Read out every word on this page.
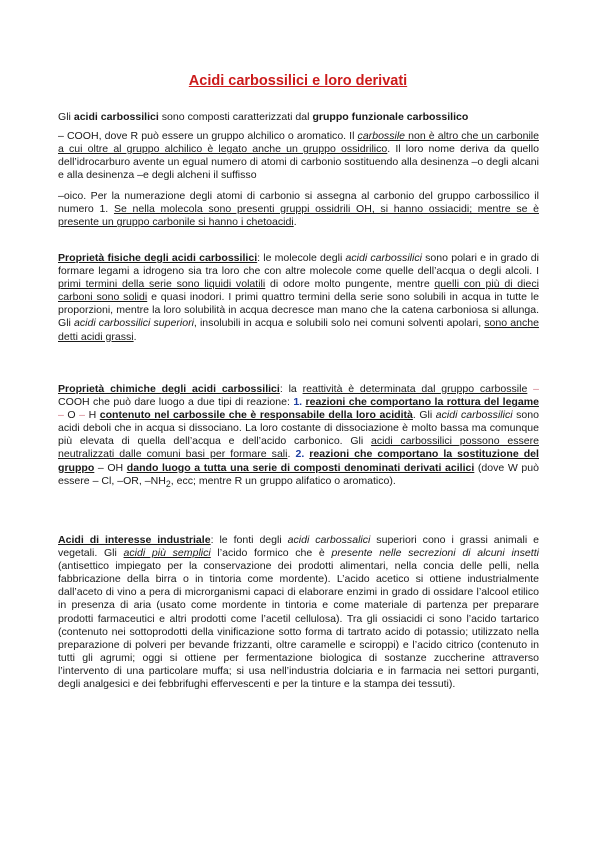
Acidi carbossilici e loro derivati

Gli acidi carbossilici sono composti caratterizzati dal gruppo funzionale carbossilico

– COOH, dove R può essere un gruppo alchilico o aromatico. Il carbossile non è altro che un carbonile a cui oltre al gruppo alchilico è legato anche un gruppo ossidrilico. Il loro nome deriva da quello dell’idrocarburo avente un egual numero di atomi di carbonio sostituendo alla desinenza –o degli alcani e alla desinenza –e degli alcheni il suffisso

–oico. Per la numerazione degli atomi di carbonio si assegna al carbonio del gruppo carbossilico il numero 1. Se nella molecola sono presenti gruppi ossidrili OH, si hanno ossiacidi; mentre se è presente un gruppo carbonile si hanno i chetoacidi.

Proprietà fisiche degli acidi carbossilici: le molecole degli acidi carbossilici sono polari e in grado di formare legami a idrogeno sia tra loro che con altre molecole come quelle dell’acqua o degli alcoli. I primi termini della serie sono liquidi volatili di odore molto pungente, mentre quelli con più di dieci carboni sono solidi e quasi inodori. I primi quattro termini della serie sono solubili in acqua in tutte le proporzioni, mentre la loro solubilità in acqua decresce man mano che la catena carboniosa si allunga. Gli acidi carbossilici superiori, insolubili in acqua e solubili solo nei comuni solventi apolari, sono anche detti acidi grassi.

Proprietà chimiche degli acidi carbossilici: la reattività è determinata dal gruppo carbossile – COOH che può dare luogo a due tipi di reazione: 1. reazioni che comportano la rottura del legame – O – H contenuto nel carbossile che è responsabile della loro acidità. Gli acidi carbossilici sono acidi deboli che in acqua si dissociano. La loro costante di dissociazione è molto bassa ma comunque più elevata di quella dell’acqua e dell’acido carbonico. Gli acidi carbossilici possono essere neutralizzati dalle comuni basi per formare sali. 2. reazioni che comportano la sostituzione del gruppo – OH dando luogo a tutta una serie di composti denominati derivati acilici (dove W può essere – Cl, –OR, $-NH_2$, ecc; mentre R un gruppo alifatico o aromatico).

Acidi di interesse industriale: le fonti degli acidi carbossalici superiori cono i grassi animali e vegetali. Gli acidi più semplici l’acido formico che è presente nelle secrezioni di alcuni insetti (antisettico impiegato per la conservazione dei prodotti alimentari, nella concia delle pelli, nella fabbricazione della birra o in tintoria come mordente). L’acido acetico si ottiene industrialmente dall’aceto di vino a pera di microrganismi capaci di elaborare enzimi in grado di ossidare l’alcool etilico in presenza di aria (usato come mordente in tintoria e come materiale di partenza per preparare prodotti farmaceutici e altri prodotti come l’acetil cellulosa). Tra gli ossiacidi ci sono l’acido tartarico (contenuto nei sottoprodotti della vinificazione sotto forma di tartrato acido di potassio; utilizzato nella preparazione di polveri per bevande frizzanti, oltre caramelle e sciroppi) e l’acido citrico (contenuto in tutti gli agrumi; oggi si ottiene per fermentazione biologica di sostanze zuccherine attraverso l’intervento di una particolare muffa; si usa nell’industria dolciaria e in farmacia nei settori purganti, degli analgesici e dei febbrifughi effervescenti e per la tinture e la stampa dei tessuti).
